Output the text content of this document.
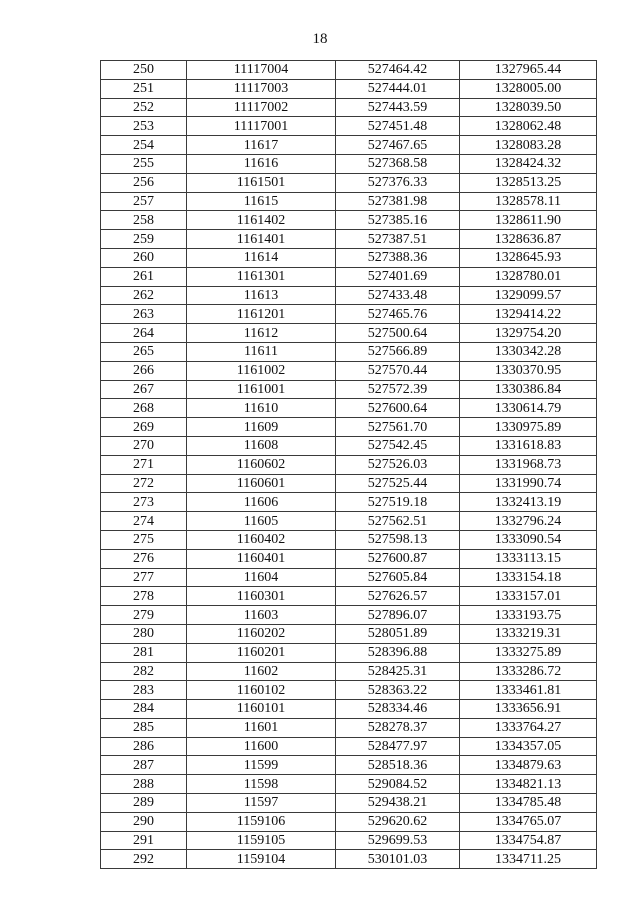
18
250	11117004	527464.42	1327965.44
251	11117003	527444.01	1328005.00
252	11117002	527443.59	1328039.50
253	11117001	527451.48	1328062.48
254	11617	527467.65	1328083.28
255	11616	527368.58	1328424.32
256	1161501	527376.33	1328513.25
257	11615	527381.98	1328578.11
258	1161402	527385.16	1328611.90
259	1161401	527387.51	1328636.87
260	11614	527388.36	1328645.93
261	1161301	527401.69	1328780.01
262	11613	527433.48	1329099.57
263	1161201	527465.76	1329414.22
264	11612	527500.64	1329754.20
265	11611	527566.89	1330342.28
266	1161002	527570.44	1330370.95
267	1161001	527572.39	1330386.84
268	11610	527600.64	1330614.79
269	11609	527561.70	1330975.89
270	11608	527542.45	1331618.83
271	1160602	527526.03	1331968.73
272	1160601	527525.44	1331990.74
273	11606	527519.18	1332413.19
274	11605	527562.51	1332796.24
275	1160402	527598.13	1333090.54
276	1160401	527600.87	1333113.15
277	11604	527605.84	1333154.18
278	1160301	527626.57	1333157.01
279	11603	527896.07	1333193.75
280	1160202	528051.89	1333219.31
281	1160201	528396.88	1333275.89
282	11602	528425.31	1333286.72
283	1160102	528363.22	1333461.81
284	1160101	528334.46	1333656.91
285	11601	528278.37	1333764.27
286	11600	528477.97	1334357.05
287	11599	528518.36	1334879.63
288	11598	529084.52	1334821.13
289	11597	529438.21	1334785.48
290	1159106	529620.62	1334765.07
291	1159105	529699.53	1334754.87
292	1159104	530101.03	1334711.25
